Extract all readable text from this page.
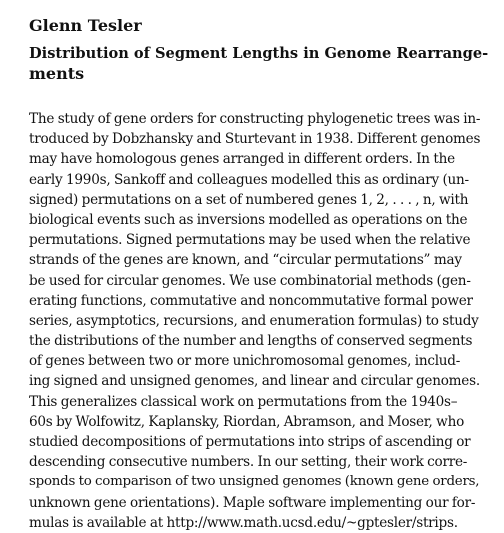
Glenn Tesler
Distribution of Segment Lengths in Genome Rearrange-
ments
The study of gene orders for constructing phylogenetic trees was in-
troduced by Dobzhansky and Sturtevant in 1938. Different genomes
may have homologous genes arranged in different orders. In the
early 1990s, Sankoff and colleagues modelled this as ordinary (un-
signed) permutations on a set of numbered genes 1, 2, . . . , n, with
biological events such as inversions modelled as operations on the
permutations. Signed permutations may be used when the relative
strands of the genes are known, and “circular permutations” may
be used for circular genomes. We use combinatorial methods (gen-
erating functions, commutative and noncommutative formal power
series, asymptotics, recursions, and enumeration formulas) to study
the distributions of the number and lengths of conserved segments
of genes between two or more unichromosomal genomes, includ-
ing signed and unsigned genomes, and linear and circular genomes.
This generalizes classical work on permutations from the 1940s–
60s by Wolfowitz, Kaplansky, Riordan, Abramson, and Moser, who
studied decompositions of permutations into strips of ascending or
descending consecutive numbers. In our setting, their work corre-
sponds to comparison of two unsigned genomes (known gene orders,
unknown gene orientations). Maple software implementing our for-
mulas is available at http://www.math.ucsd.edu/~gptesler/strips.
